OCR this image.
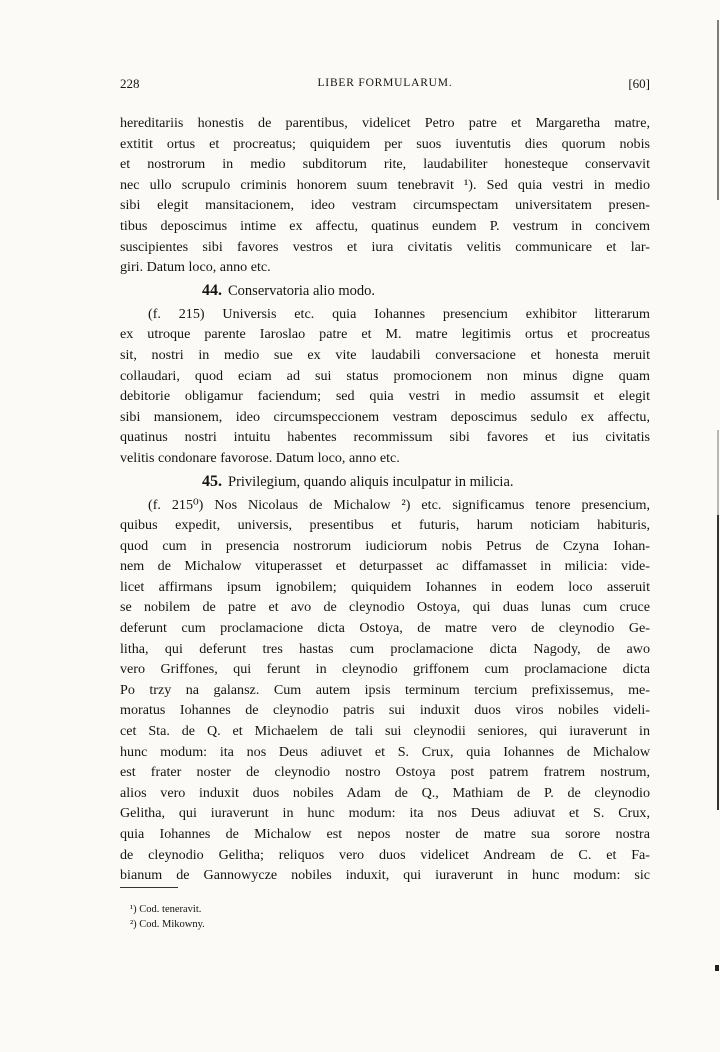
228	LIBER FORMULARUM.	[60]
hereditariis honestis de parentibus, videlicet Petro patre et Margaretha matre,
extitit ortus et procreatus; quiquidem per suos iuventutis dies quorum nobis
et nostrorum in medio subditorum rite, laudabiliter honesteque conservavit
nec ullo scrupulo criminis honorem suum tenebravit ¹). Sed quia vestri in medio
sibi elegit mansitacionem, ideo vestram circumspectam universitatem presen-
tibus deposcimus intime ex affectu, quatinus eundem P. vestrum in concivem
suscipientes sibi favores vestros et iura civitatis velitis communicare et lar-
giri. Datum loco, anno etc.
44. Conservatoria alio modo.
(f. 215) Universis etc. quia Iohannes presencium exhibitor litterarum
ex utroque parente Iaroslao patre et M. matre legitimis ortus et procreatus
sit, nostri in medio sue ex vite laudabili conversacione et honesta meruit
collaudari, quod eciam ad sui status promocionem non minus digne quam
debitorie obligamur faciendum; sed quia vestri in medio assumsit et elegit
sibi mansionem, ideo circumspeccionem vestram deposcimus sedulo ex affectu,
quatinus nostri intuitu habentes recommissum sibi favores et ius civitatis
velitis condonare favorose. Datum loco, anno etc.
45. Privilegium, quando aliquis inculpatur in milicia.
(f. 215⁰) Nos Nicolaus de Michalow ²) etc. significamus tenore presencium,
quibus expedit, universis, presentibus et futuris, harum noticiam habituris,
quod cum in presencia nostrorum iudiciorum nobis Petrus de Czyna Iohan-
nem de Michalow vituperasset et deturpasset ac diffamasset in milicia: vide-
licet affirmans ipsum ignobilem; quiquidem Iohannes in eodem loco asseruit
se nobilem de patre et avo de cleynodio Ostoya, qui duas lunas cum cruce
deferunt cum proclamacione dicta Ostoya, de matre vero de cleynodio Ge-
litha, qui deferunt tres hastas cum proclamacione dicta Nagody, de awo
vero Griffones, qui ferunt in cleynodio griffonem cum proclamacione dicta
Po trzy na galansz. Cum autem ipsis terminum tercium prefixissemus, me-
moratus Iohannes de cleynodio patris sui induxit duos viros nobiles videli-
cet Sta. de Q. et Michaelem de tali sui cleynodii seniores, qui iuraverunt in
hunc modum: ita nos Deus adiuvet et S. Crux, quia Iohannes de Michalow
est frater noster de cleynodio nostro Ostoya post patrem fratrem nostrum,
alios vero induxit duos nobiles Adam de Q., Mathiam de P. de cleynodio
Gelitha, qui iuraverunt in hunc modum: ita nos Deus adiuvat et S. Crux,
quia Iohannes de Michalow est nepos noster de matre sua sorore nostra
de cleynodio Gelitha; reliquos vero duos videlicet Andream de C. et Fa-
bianum de Gannowycze nobiles induxit, qui iuraverunt in hunc modum: sic
¹) Cod. teneravit.
²) Cod. Mikowny.
